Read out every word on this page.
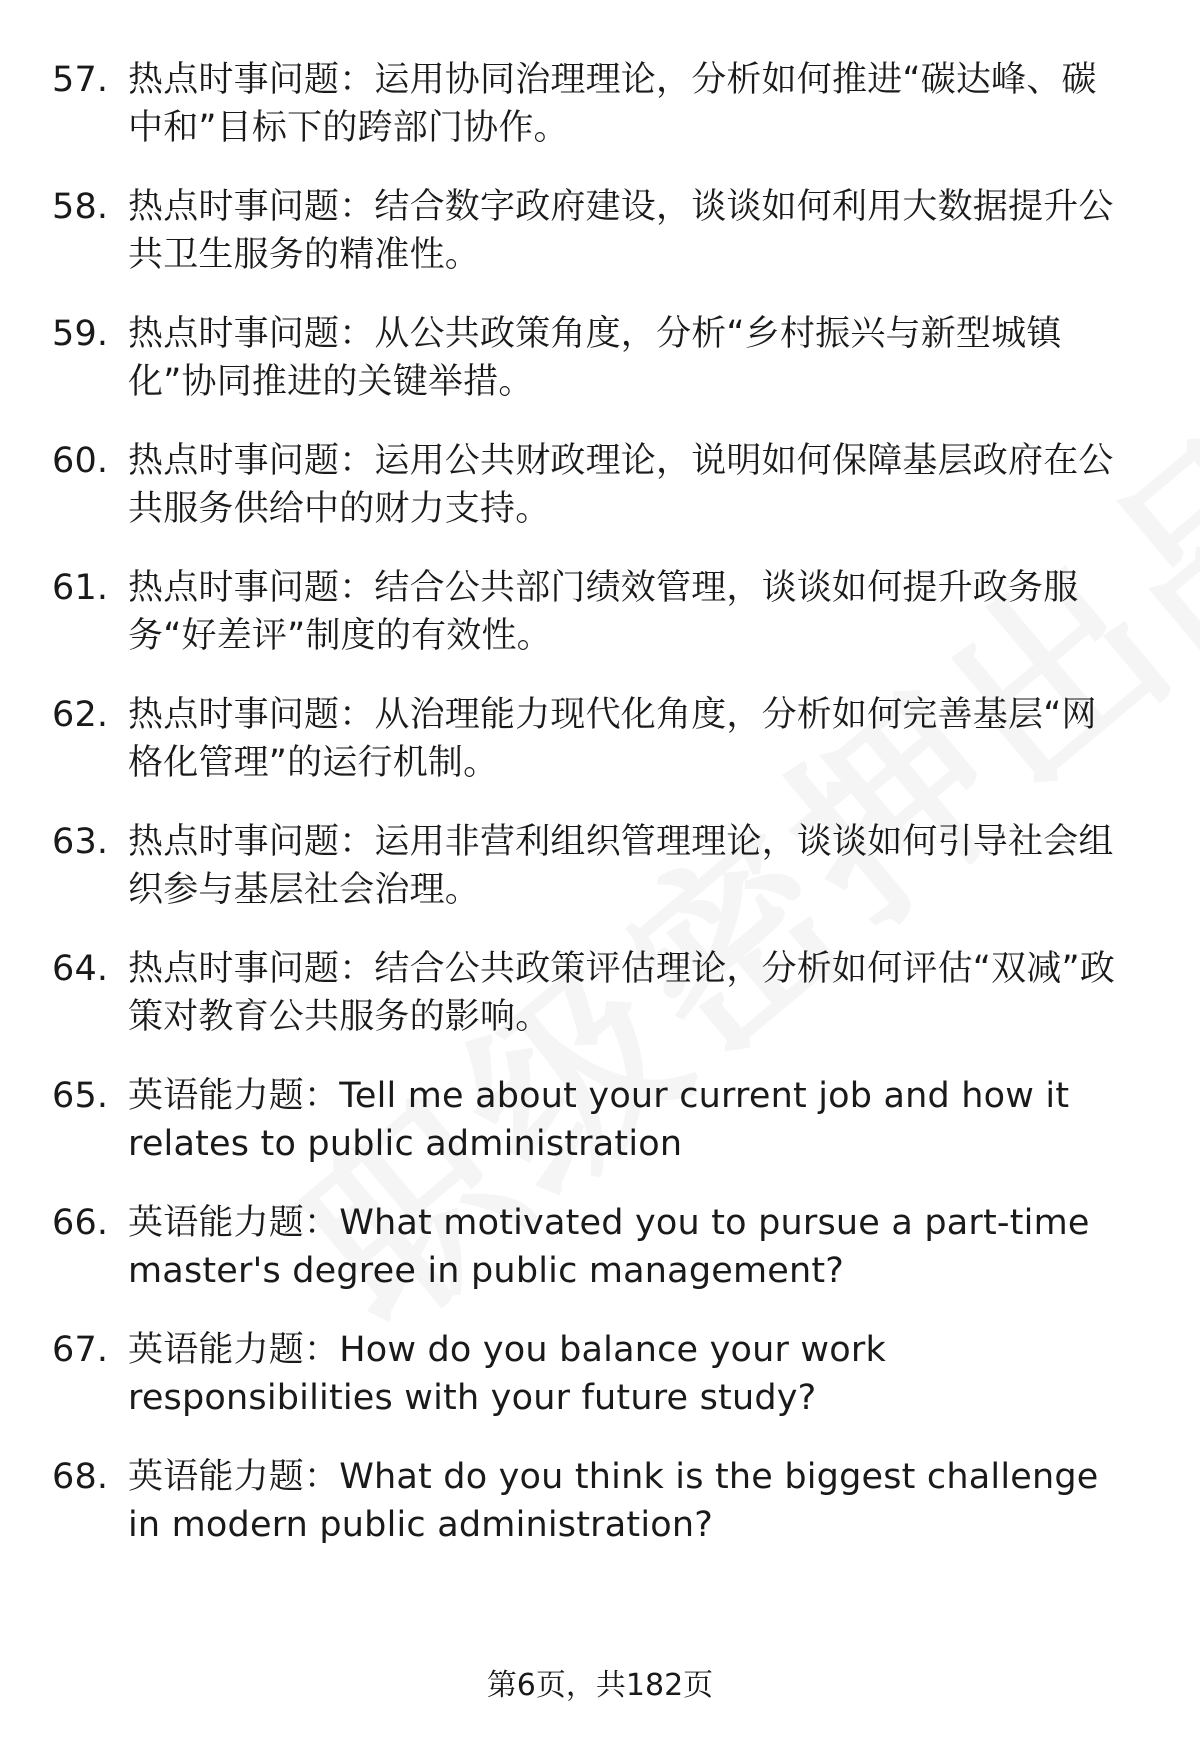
57. 热点时事问题：运用协同治理理论，分析如何推进“碳达峰、碳中和”目标下的跨部门协作。
58. 热点时事问题：结合数字政府建设，谈谈如何利用大数据提升公共卫生服务的精准性。
59. 热点时事问题：从公共政策角度，分析“乡村振兴与新型城镇化”协同推进的关键举措。
60. 热点时事问题：运用公共财政理论，说明如何保障基层政府在公共服务供给中的财力支持。
61. 热点时事问题：结合公共部门绩效管理，谈谈如何提升政务服务“好差评”制度的有效性。
62. 热点时事问题：从治理能力现代化角度，分析如何完善基层“网格化管理”的运行机制。
63. 热点时事问题：运用非营利组织管理理论，谈谈如何引导社会组织参与基层社会治理。
64. 热点时事问题：结合公共政策评估理论，分析如何评估“双减”政策对教育公共服务的影响。
65. 英语能力题：Tell me about your current job and how it relates to public administration
66. 英语能力题：What motivated you to pursue a part-time master's degree in public management?
67. 英语能力题：How do you balance your work responsibilities with your future study?
68. 英语能力题：What do you think is the biggest challenge in modern public administration?
第6页，共182页
